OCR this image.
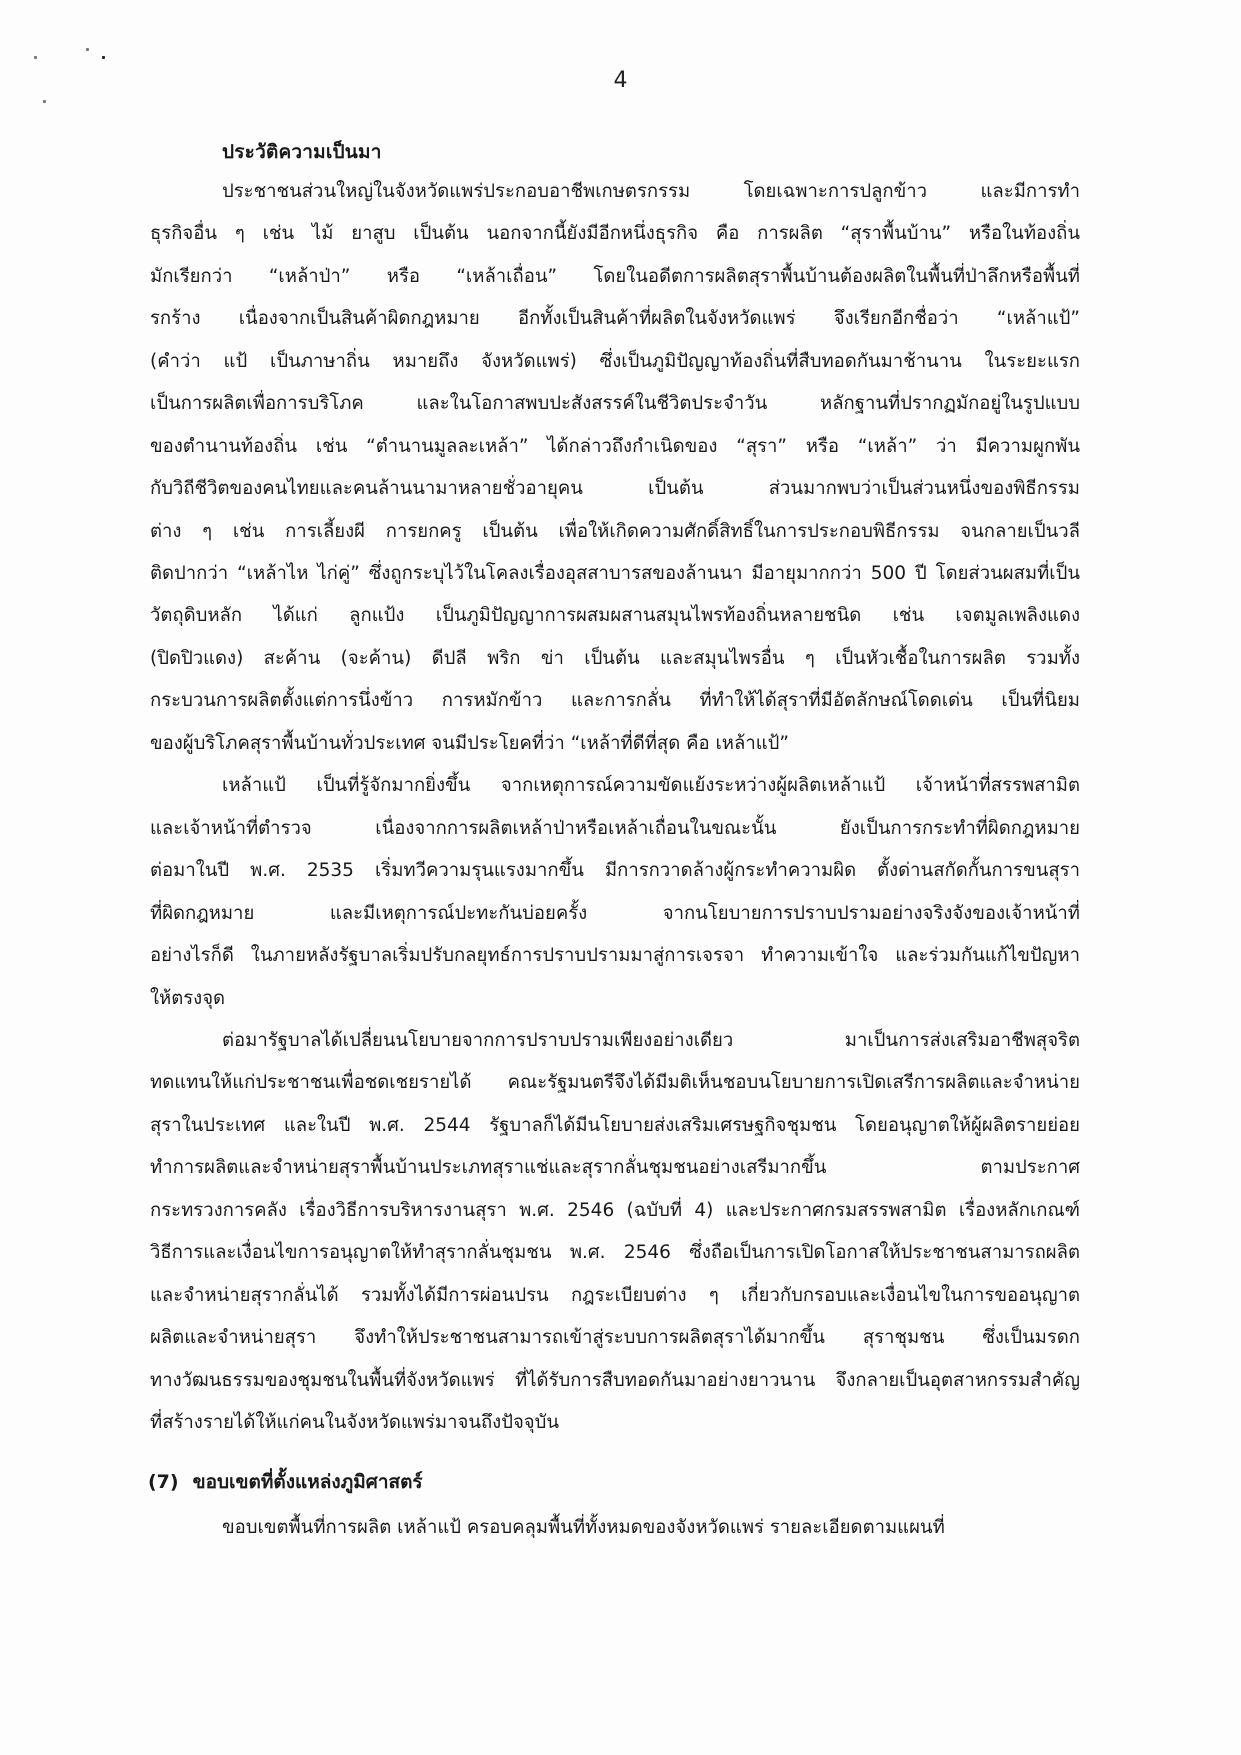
4
ประวัติความเป็นมา
ประชาชนส่วนใหญ่ในจังหวัดแพร่ประกอบอาชีพเกษตรกรรม โดยเฉพาะการปลูกข้าว และมีการทำ
ธุรกิจอื่น ๆ เช่น ไม้ ยาสูบ เป็นต้น นอกจากนี้ยังมีอีกหนึ่งธุรกิจ คือ การผลิต “สุราพื้นบ้าน” หรือในท้องถิ่น
มักเรียกว่า “เหล้าป่า” หรือ “เหล้าเถื่อน” โดยในอดีตการผลิตสุราพื้นบ้านต้องผลิตในพื้นที่ป่าลึกหรือพื้นที่
รกร้าง เนื่องจากเป็นสินค้าผิดกฎหมาย อีกทั้งเป็นสินค้าที่ผลิตในจังหวัดแพร่ จึงเรียกอีกชื่อว่า “เหล้าแป้”
(คำว่า แป้ เป็นภาษาถิ่น หมายถึง จังหวัดแพร่) ซึ่งเป็นภูมิปัญญาท้องถิ่นที่สืบทอดกันมาช้านาน ในระยะแรก
เป็นการผลิตเพื่อการบริโภค และในโอกาสพบปะสังสรรค์ในชีวิตประจำวัน หลักฐานที่ปรากฏมักอยู่ในรูปแบบ
ของตำนานท้องถิ่น เช่น “ตำนานมูลละเหล้า” ได้กล่าวถึงกำเนิดของ “สุรา” หรือ “เหล้า” ว่า มีความผูกพัน
กับวิถีชีวิตของคนไทยและคนล้านนามาหลายชั่วอายุคน เป็นต้น ส่วนมากพบว่าเป็นส่วนหนึ่งของพิธีกรรม
ต่าง ๆ เช่น การเลี้ยงผี การยกครู เป็นต้น เพื่อให้เกิดความศักดิ์สิทธิ์ในการประกอบพิธีกรรม จนกลายเป็นวลี
ติดปากว่า “เหล้าไห ไก่คู่” ซึ่งถูกระบุไว้ในโคลงเรื่องอุสสาบารสของล้านนา มีอายุมากกว่า 500 ปี โดยส่วนผสมที่เป็น
วัตถุดิบหลัก ได้แก่ ลูกแป้ง เป็นภูมิปัญญาการผสมผสานสมุนไพรท้องถิ่นหลายชนิด เช่น เจตมูลเพลิงแดง
(ปิดปิวแดง) สะค้าน (จะค้าน) ดีปลี พริก ข่า เป็นต้น และสมุนไพรอื่น ๆ เป็นหัวเชื้อในการผลิต รวมทั้ง
กระบวนการผลิตตั้งแต่การนึ่งข้าว การหมักข้าว และการกลั่น ที่ทำให้ได้สุราที่มีอัตลักษณ์โดดเด่น เป็นที่นิยม
ของผู้บริโภคสุราพื้นบ้านทั่วประเทศ จนมีประโยคที่ว่า “เหล้าที่ดีที่สุด คือ เหล้าแป้”
เหล้าแป้ เป็นที่รู้จักมากยิ่งขึ้น จากเหตุการณ์ความขัดแย้งระหว่างผู้ผลิตเหล้าแป้ เจ้าหน้าที่สรรพสามิต
และเจ้าหน้าที่ตำรวจ เนื่องจากการผลิตเหล้าป่าหรือเหล้าเถื่อนในขณะนั้น ยังเป็นการกระทำที่ผิดกฎหมาย
ต่อมาในปี พ.ศ. 2535 เริ่มทวีความรุนแรงมากขึ้น มีการกวาดล้างผู้กระทำความผิด ตั้งด่านสกัดกั้นการขนสุรา
ที่ผิดกฎหมาย และมีเหตุการณ์ปะทะกันบ่อยครั้ง จากนโยบายการปราบปรามอย่างจริงจังของเจ้าหน้าที่
อย่างไรก็ดี ในภายหลังรัฐบาลเริ่มปรับกลยุทธ์การปราบปรามมาสู่การเจรจา ทำความเข้าใจ และร่วมกันแก้ไขปัญหา
ให้ตรงจุด
ต่อมารัฐบาลได้เปลี่ยนนโยบายจากการปราบปรามเพียงอย่างเดียว มาเป็นการส่งเสริมอาชีพสุจริต
ทดแทนให้แก่ประชาชนเพื่อชดเชยรายได้ คณะรัฐมนตรีจึงได้มีมติเห็นชอบนโยบายการเปิดเสรีการผลิตและจำหน่าย
สุราในประเทศ และในปี พ.ศ. 2544 รัฐบาลก็ได้มีนโยบายส่งเสริมเศรษฐกิจชุมชน โดยอนุญาตให้ผู้ผลิตรายย่อย
ทำการผลิตและจำหน่ายสุราพื้นบ้านประเภทสุราแช่และสุรากลั่นชุมชนอย่างเสรีมากขึ้น ตามประกาศ
กระทรวงการคลัง เรื่องวิธีการบริหารงานสุรา พ.ศ. 2546 (ฉบับที่ 4) และประกาศกรมสรรพสามิต เรื่องหลักเกณฑ์
วิธีการและเงื่อนไขการอนุญาตให้ทำสุรากลั่นชุมชน พ.ศ. 2546 ซึ่งถือเป็นการเปิดโอกาสให้ประชาชนสามารถผลิต
และจำหน่ายสุรากลั่นได้ รวมทั้งได้มีการผ่อนปรน กฎระเบียบต่าง ๆ เกี่ยวกับกรอบและเงื่อนไขในการขออนุญาต
ผลิตและจำหน่ายสุรา จึงทำให้ประชาชนสามารถเข้าสู่ระบบการผลิตสุราได้มากขึ้น สุราชุมชน ซึ่งเป็นมรดก
ทางวัฒนธรรมของชุมชนในพื้นที่จังหวัดแพร่ ที่ได้รับการสืบทอดกันมาอย่างยาวนาน จึงกลายเป็นอุตสาหกรรมสำคัญ
ที่สร้างรายได้ให้แก่คนในจังหวัดแพร่มาจนถึงปัจจุบัน
(7) ขอบเขตที่ตั้งแหล่งภูมิศาสตร์
ขอบเขตพื้นที่การผลิต เหล้าแป้ ครอบคลุมพื้นที่ทั้งหมดของจังหวัดแพร่ รายละเอียดตามแผนที่
